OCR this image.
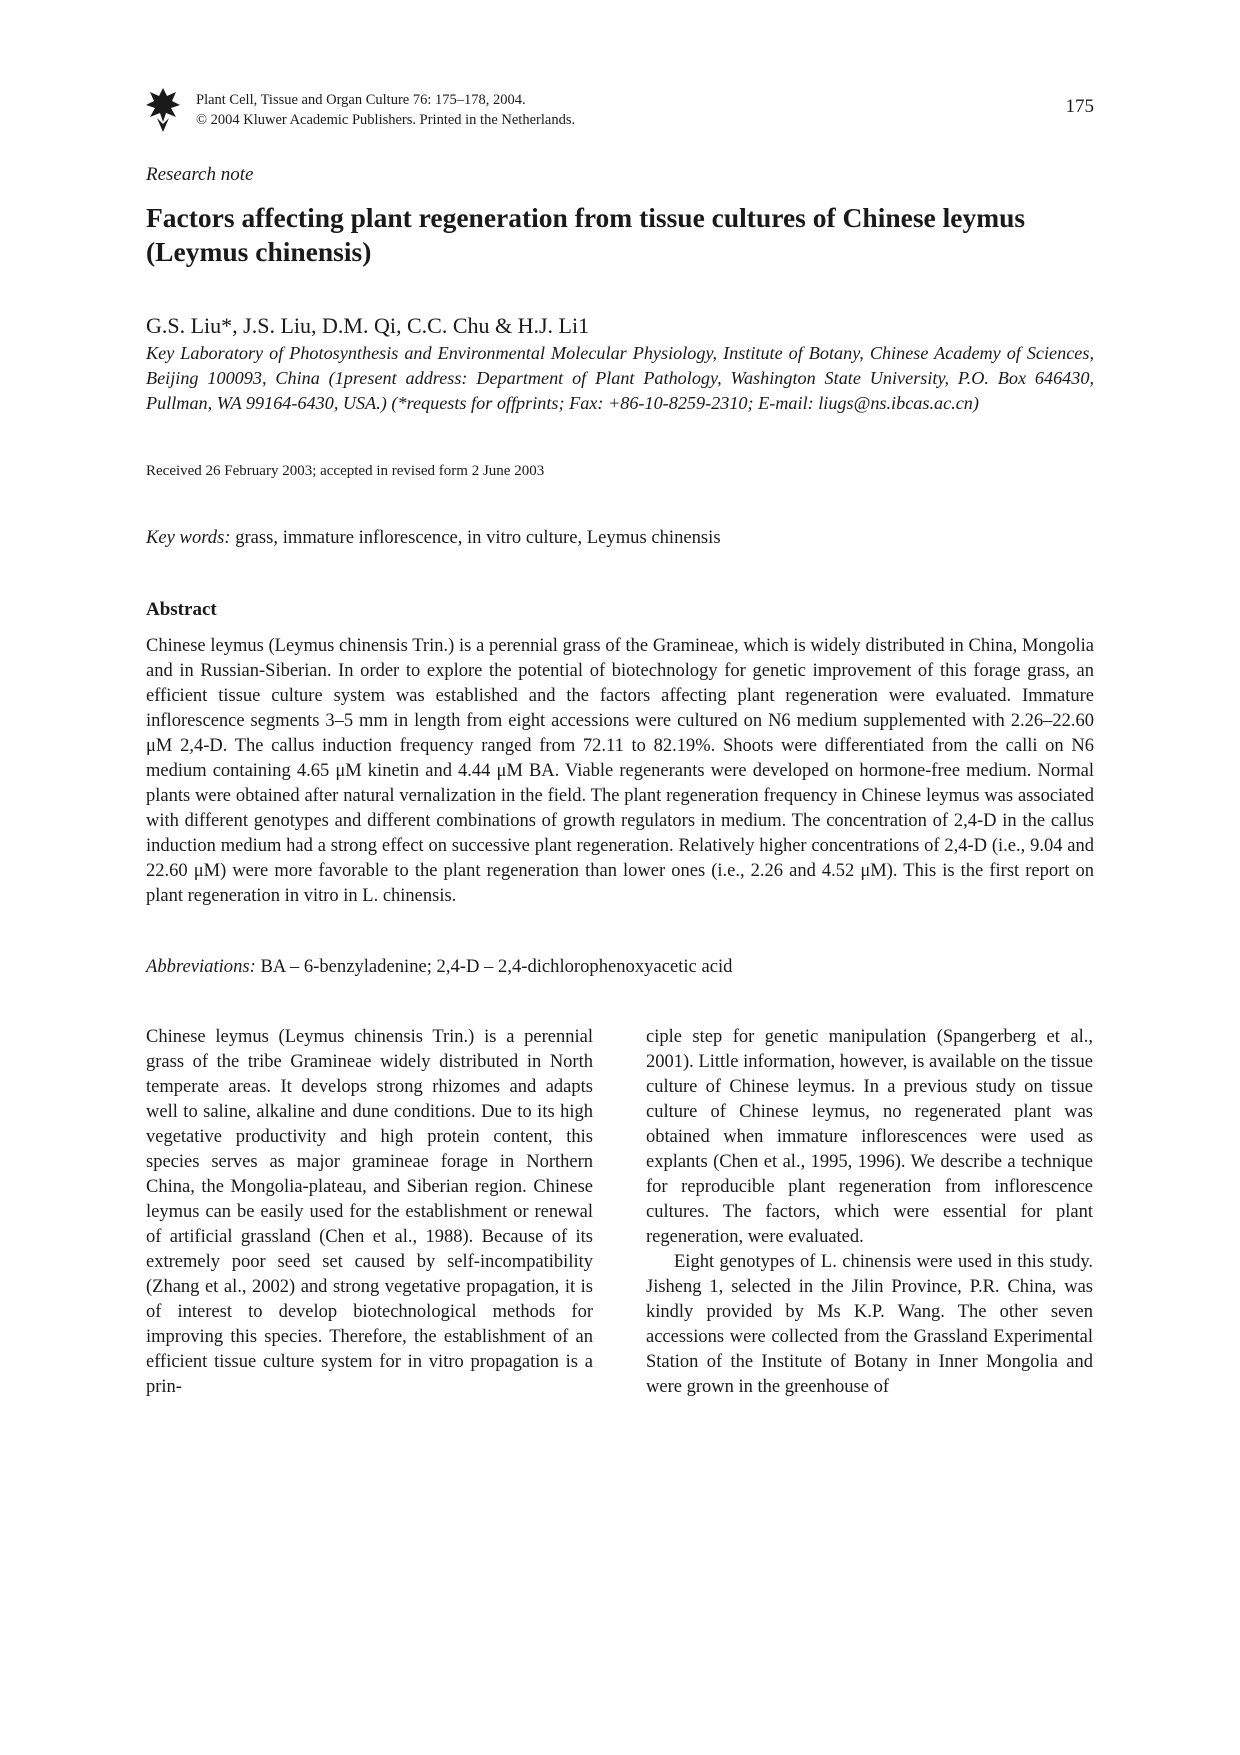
Plant Cell, Tissue and Organ Culture 76: 175–178, 2004.
© 2004 Kluwer Academic Publishers. Printed in the Netherlands.
175
Research note
Factors affecting plant regeneration from tissue cultures of Chinese leymus (Leymus chinensis)
G.S. Liu*, J.S. Liu, D.M. Qi, C.C. Chu & H.J. Li1
Key Laboratory of Photosynthesis and Environmental Molecular Physiology, Institute of Botany, Chinese Academy of Sciences, Beijing 100093, China (1present address: Department of Plant Pathology, Washington State University, P.O. Box 646430, Pullman, WA 99164-6430, USA.) (*requests for offprints; Fax: +86-10-8259-2310; E-mail: liugs@ns.ibcas.ac.cn)
Received 26 February 2003; accepted in revised form 2 June 2003
Key words: grass, immature inflorescence, in vitro culture, Leymus chinensis
Abstract
Chinese leymus (Leymus chinensis Trin.) is a perennial grass of the Gramineae, which is widely distributed in China, Mongolia and in Russian-Siberian. In order to explore the potential of biotechnology for genetic improvement of this forage grass, an efficient tissue culture system was established and the factors affecting plant regeneration were evaluated. Immature inflorescence segments 3–5 mm in length from eight accessions were cultured on N6 medium supplemented with 2.26–22.60 μM 2,4-D. The callus induction frequency ranged from 72.11 to 82.19%. Shoots were differentiated from the calli on N6 medium containing 4.65 μM kinetin and 4.44 μM BA. Viable regenerants were developed on hormone-free medium. Normal plants were obtained after natural vernalization in the field. The plant regeneration frequency in Chinese leymus was associated with different genotypes and different combinations of growth regulators in medium. The concentration of 2,4-D in the callus induction medium had a strong effect on successive plant regeneration. Relatively higher concentrations of 2,4-D (i.e., 9.04 and 22.60 μM) were more favorable to the plant regeneration than lower ones (i.e., 2.26 and 4.52 μM). This is the first report on plant regeneration in vitro in L. chinensis.
Abbreviations: BA – 6-benzyladenine; 2,4-D – 2,4-dichlorophenoxyacetic acid

Chinese leymus (Leymus chinensis Trin.) is a perennial grass of the tribe Gramineae widely distributed in North temperate areas. It develops strong rhizomes and adapts well to saline, alkaline and dune conditions. Due to its high vegetative productivity and high protein content, this species serves as major gramineae forage in Northern China, the Mongolia-plateau, and Siberian region. Chinese leymus can be easily used for the establishment or renewal of artificial grassland (Chen et al., 1988). Because of its extremely poor seed set caused by self-incompatibility (Zhang et al., 2002) and strong vegetative propagation, it is of interest to develop biotechnological methods for improving this species. Therefore, the establishment of an efficient tissue culture system for in vitro propagation is a prin-

ciple step for genetic manipulation (Spangerberg et al., 2001). Little information, however, is available on the tissue culture of Chinese leymus. In a previous study on tissue culture of Chinese leymus, no regenerated plant was obtained when immature inflorescences were used as explants (Chen et al., 1995, 1996). We describe a technique for reproducible plant regeneration from inflorescence cultures. The factors, which were essential for plant regeneration, were evaluated.

Eight genotypes of L. chinensis were used in this study. Jisheng 1, selected in the Jilin Province, P.R. China, was kindly provided by Ms K.P. Wang. The other seven accessions were collected from the Grassland Experimental Station of the Institute of Botany in Inner Mongolia and were grown in the greenhouse of
